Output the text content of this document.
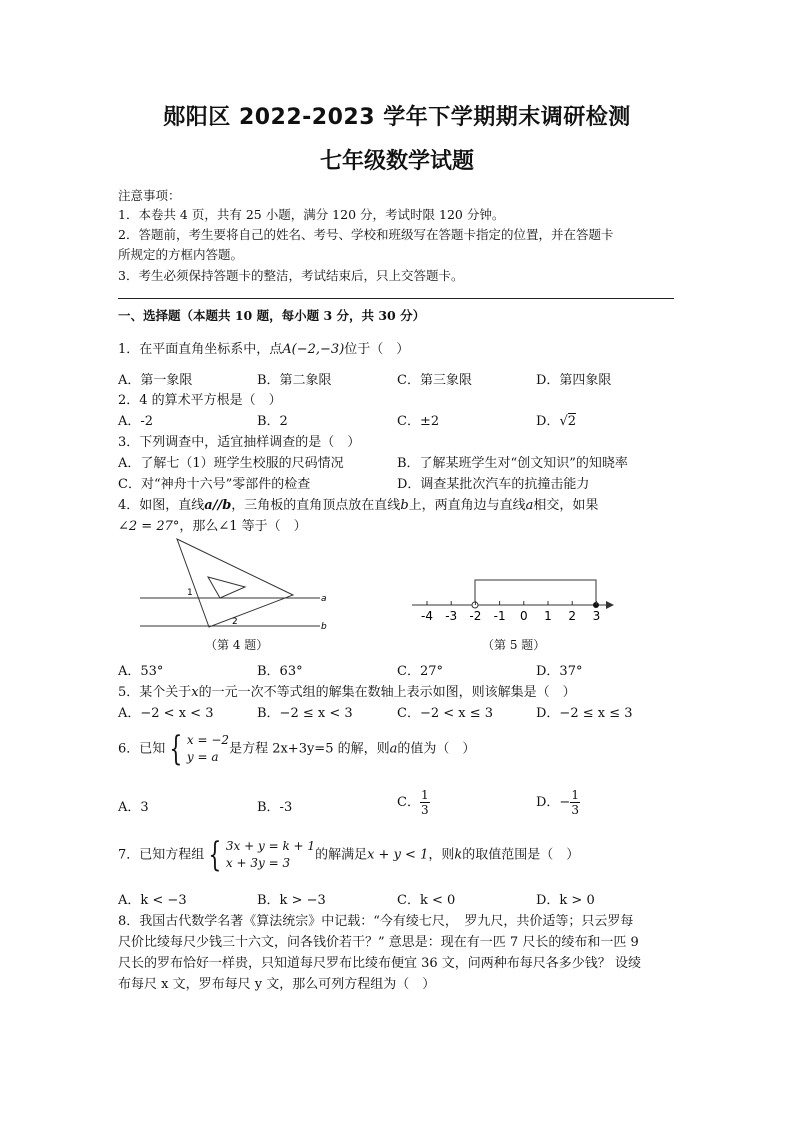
郧阳区 2022-2023 学年下学期期末调研检测
七年级数学试题
注意事项：
1．本卷共 4 页，共有 25 小题，满分 120 分，考试时限 120 分钟。
2．答题前，考生要将自己的姓名、考号、学校和班级写在答题卡指定的位置，并在答题卡
所规定的方框内答题。
3．考生必须保持答题卡的整洁，考试结束后，只上交答题卡。
一、选择题（本题共 10 题，每小题 3 分，共 30 分）
1．在平面直角坐标系中，点A(−2,−3)位于（　）
A．第一象限	B．第二象限	C．第三象限	D．第四象限
2．4 的算术平方根是（　）
A．-2	B．2	C．±2	D．√2
3．下列调查中，适宜抽样调查的是（　）
A．了解七（1）班学生校服的尺码情况	B．了解某班学生对“创文知识”的知晓率
C．对“神舟十六号”零部件的检查	D．调查某批次汽车的抗撞击能力
4．如图，直线a//b，三角板的直角顶点放在直线b上，两直角边与直线a相交，如果
∠2 = 27°，那么∠1 等于（　）
a
b
1
2
（第 4 题）
-4 -3 -2 -1 0 1 2 3
（第 5 题）
A．53°	B．63°	C．27°	D．37°
5．某个关于x的一元一次不等式组的解集在数轴上表示如图，则该解集是（　）
A．−2 < x < 3	B．−2 ≤ x < 3	C．−2 < x ≤ 3	D．−2 ≤ x ≤ 3
6．已知 { x = −2
y = a
是方程 2x+3y=5 的解，则a的值为（　）
A．3	B．-3	C． $\frac{1}{3}$	D．− $\frac{1}{3}$
7．已知方程组 { 3x + y = k + 1
x + 3y = 3
的解满足x + y < 1，则k的取值范围是（　）
A．k < −3	B．k > −3	C．k < 0	D．k > 0
8．我国古代数学名著《算法统宗》中记载：“今有绫七尺，　罗九尺，共价适等；只云罗每
尺价比绫每尺少钱三十六文，问各钱价若干？” 意思是：现在有一匹 7 尺长的绫布和一匹 9
尺长的罗布恰好一样贵，只知道每尺罗布比绫布便宜 36 文，问两种布每尺各多少钱？ 设绫
布每尺 x 文，罗布每尺 y 文，那么可列方程组为（　）
